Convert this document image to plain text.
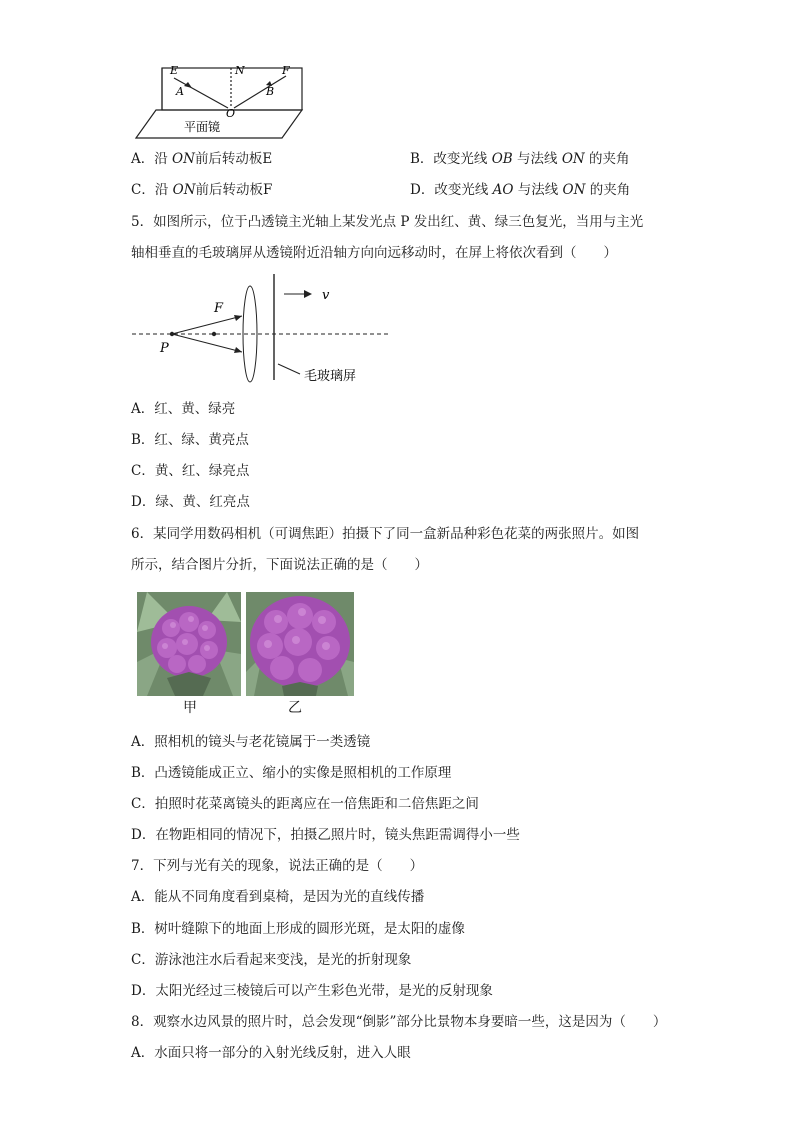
E	N	F
A	B
O
平面镜
A．沿 ON前后转动板E	B．改变光线 OB 与法线 ON 的夹角
C．沿 ON前后转动板F	D．改变光线 AO 与法线 ON 的夹角
5．如图所示，位于凸透镜主光轴上某发光点 P 发出红、黄、绿三色复光，当用与主光
轴相垂直的毛玻璃屏从透镜附近沿轴方向向远移动时，在屏上将依次看到（　　）
F
P
v
毛玻璃屏
A．红、黄、绿亮
B．红、绿、黄亮点
C．黄、红、绿亮点
D．绿、黄、红亮点
6．某同学用数码相机（可调焦距）拍摄下了同一盒新品种彩色花菜的两张照片。如图
所示，结合图片分折，下面说法正确的是（　　）
甲	乙
A．照相机的镜头与老花镜属于一类透镜
B．凸透镜能成正立、缩小的实像是照相机的工作原理
C．拍照时花菜离镜头的距离应在一倍焦距和二倍焦距之间
D．在物距相同的情况下，拍摄乙照片时，镜头焦距需调得小一些
7．下列与光有关的现象，说法正确的是（　　）
A．能从不同角度看到桌椅，是因为光的直线传播
B．树叶缝隙下的地面上形成的圆形光斑，是太阳的虚像
C．游泳池注水后看起来变浅，是光的折射现象
D．太阳光经过三棱镜后可以产生彩色光带，是光的反射现象
8．观察水边风景的照片时，总会发现“倒影”部分比景物本身要暗一些，这是因为（　　）
A．水面只将一部分的入射光线反射，进入人眼
